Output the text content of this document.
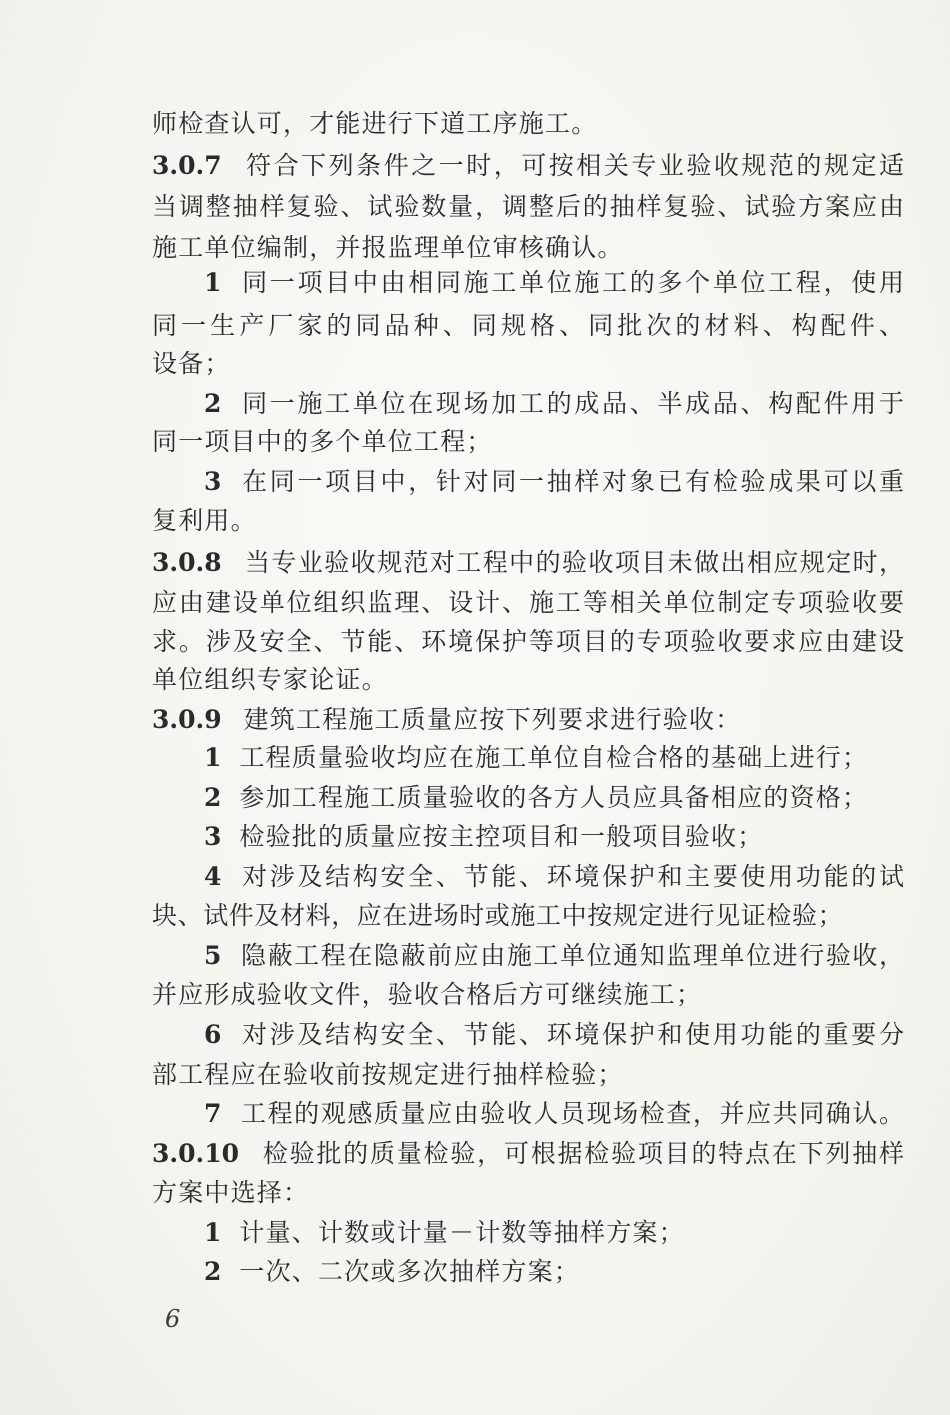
师检查认可，才能进行下道工序施工。
3.0.7 符合下列条件之一时，可按相关专业验收规范的规定适
当调整抽样复验、试验数量，调整后的抽样复验、试验方案应由
施工单位编制，并报监理单位审核确认。
1 同一项目中由相同施工单位施工的多个单位工程，使用
同一生产厂家的同品种、同规格、同批次的材料、构配件、
设备；
2 同一施工单位在现场加工的成品、半成品、构配件用于
同一项目中的多个单位工程；
3 在同一项目中，针对同一抽样对象已有检验成果可以重
复利用。
3.0.8 当专业验收规范对工程中的验收项目未做出相应规定时，
应由建设单位组织监理、设计、施工等相关单位制定专项验收要
求。涉及安全、节能、环境保护等项目的专项验收要求应由建设
单位组织专家论证。
3.0.9 建筑工程施工质量应按下列要求进行验收：
1 工程质量验收均应在施工单位自检合格的基础上进行；
2 参加工程施工质量验收的各方人员应具备相应的资格；
3 检验批的质量应按主控项目和一般项目验收；
4 对涉及结构安全、节能、环境保护和主要使用功能的试
块、试件及材料，应在进场时或施工中按规定进行见证检验；
5 隐蔽工程在隐蔽前应由施工单位通知监理单位进行验收，
并应形成验收文件，验收合格后方可继续施工；
6 对涉及结构安全、节能、环境保护和使用功能的重要分
部工程应在验收前按规定进行抽样检验；
7 工程的观感质量应由验收人员现场检查，并应共同确认。
3.0.10 检验批的质量检验，可根据检验项目的特点在下列抽样
方案中选择：
1 计量、计数或计量－计数等抽样方案；
2 一次、二次或多次抽样方案；
6
